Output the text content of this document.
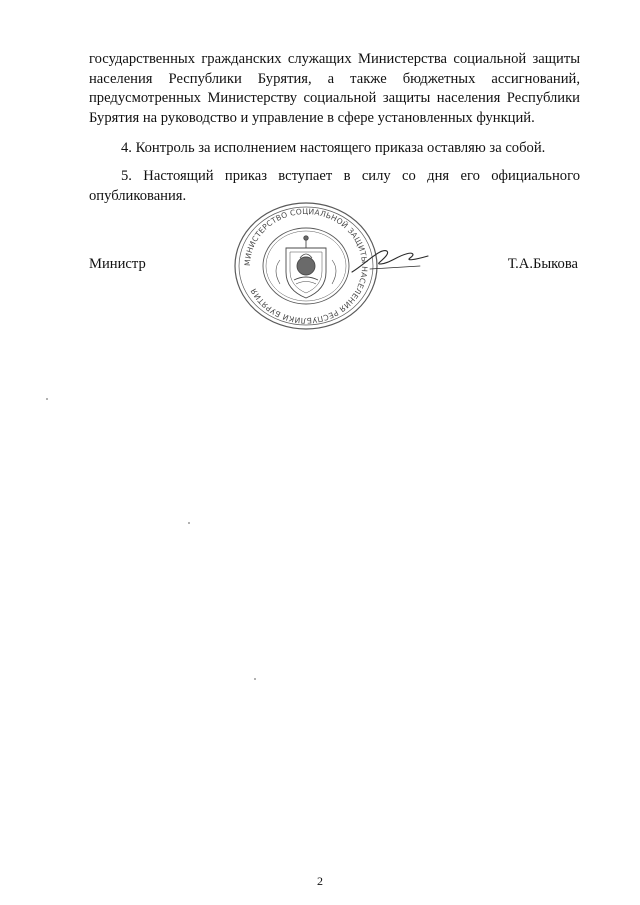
государственных гражданских служащих Министерства социальной защиты населения Республики Бурятия, а также бюджетных ассигнований, предусмотренных Министерству социальной защиты населения Республики Бурятия на руководство и управление в сфере установленных функций.

4. Контроль за исполнением настоящего приказа оставляю за собой.

5. Настоящий приказ вступает в силу со дня его официального опубликования.

Министр	МИНИСТЕРСТВО СОЦИАЛЬНОЙ ЗАЩИТЫ НАСЕЛЕНИЯ РЕСПУБЛИКИ БУРЯТИЯ
Т.А.Быкова
2
